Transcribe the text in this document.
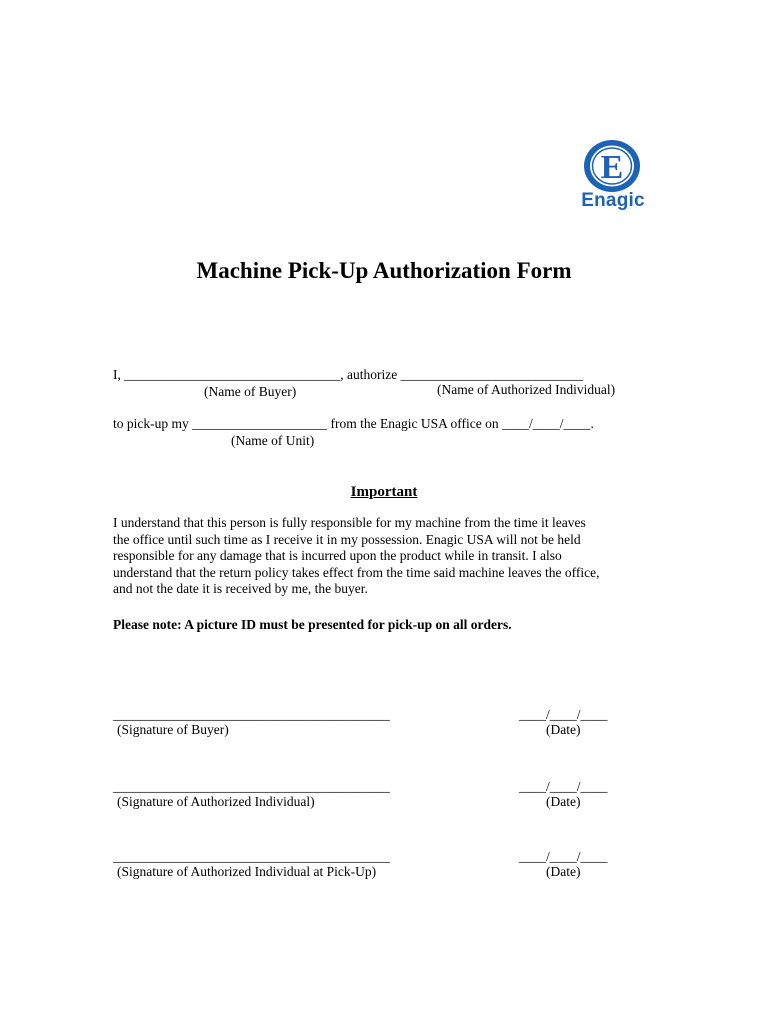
E
Enagic
Machine Pick-Up Authorization Form
I, ________________________________, authorize ___________________________
(Name of Buyer)	(Name of Authorized Individual)
to pick-up my ____________________ from the Enagic USA office on ____/____/____.
(Name of Unit)
Important
I understand that this person is fully responsible for my machine from the time it leaves
the office until such time as I receive it in my possession. Enagic USA will not be held
responsible for any damage that is incurred upon the product while in transit. I also
understand that the return policy takes effect from the time said machine leaves the office,
and not the date it is received by me, the buyer.
Please note: A picture ID must be presented for pick-up on all orders.
_________________________________________	____/____/____
(Signature of Buyer)	(Date)
_________________________________________	____/____/____
(Signature of Authorized Individual)	(Date)
_________________________________________	____/____/____
(Signature of Authorized Individual at Pick-Up)	(Date)
